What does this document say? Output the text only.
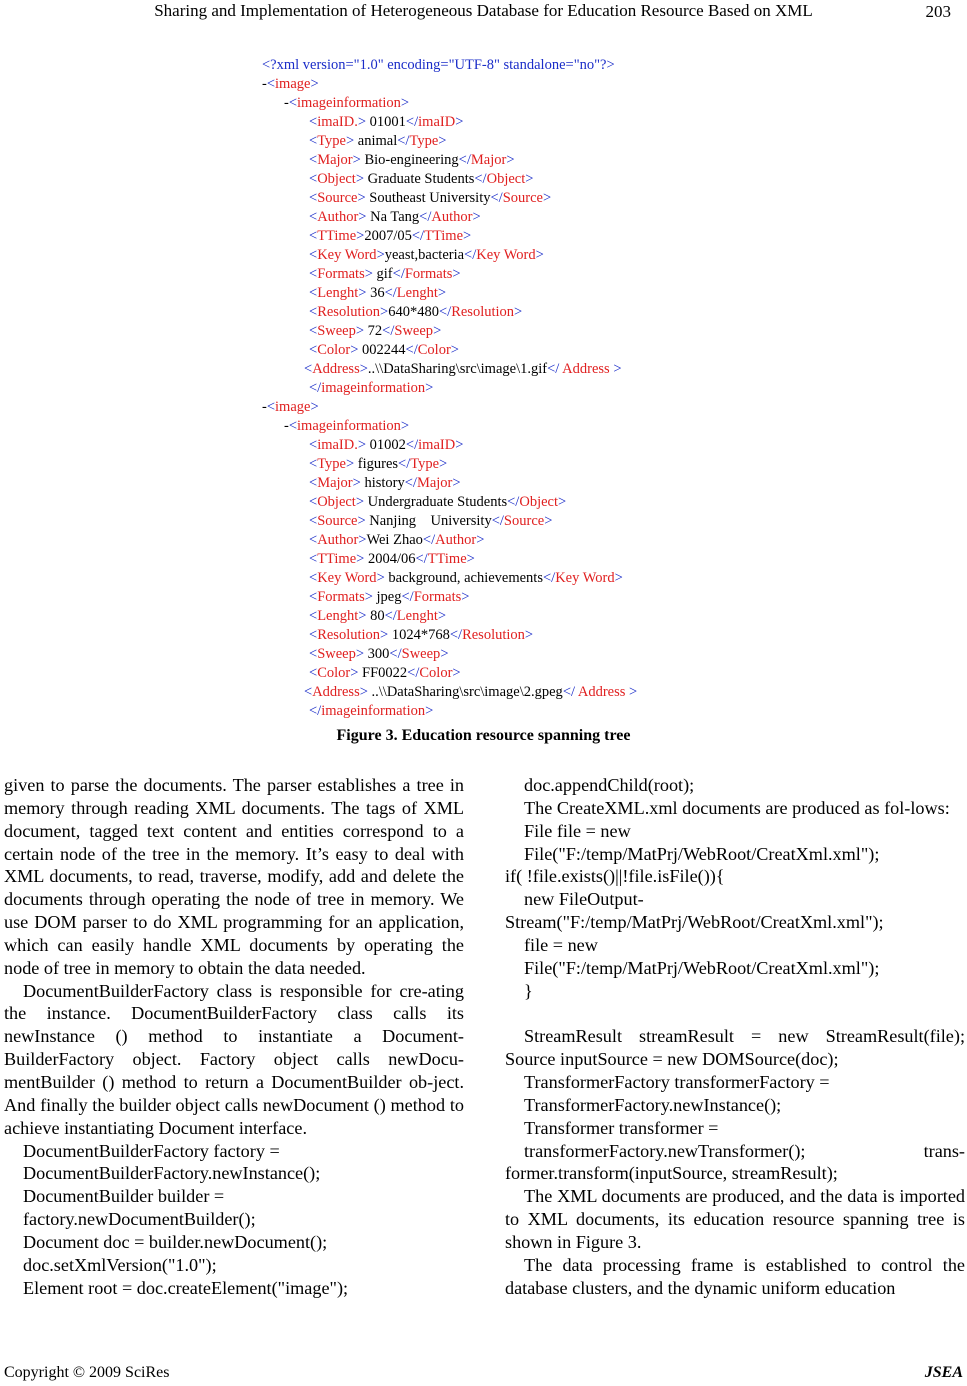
Sharing and Implementation of Heterogeneous Database for Education Resource Based on XML	203
<?xml version="1.0" encoding="UTF-8" standalone="no"?>
-<image>
-<imageinformation>
<imaID.> 01001</imaID>
<Type> animal</Type>
<Major> Bio-engineering</Major>
<Object> Graduate Students</Object>
<Source> Southeast University</Source>
<Author> Na Tang</Author>
<TTime>2007/05</TTime>
<Key Word>yeast,bacteria</Key Word>
<Formats> gif</Formats>
<Lenght> 36</Lenght>
<Resolution>640*480</Resolution>
<Sweep> 72</Sweep>
<Color> 002244</Color>
<Address>..\\DataSharing\src\image\1.gif</ Address >
</imageinformation>
-<image>
-<imageinformation>
<imaID.> 01002</imaID>
<Type> figures</Type>
<Major> history</Major>
<Object> Undergraduate Students</Object>
<Source> Nanjing    University</Source>
<Author>Wei Zhao</Author>
<TTime> 2004/06</TTime>
<Key Word> background, achievements</Key Word>
<Formats> jpeg</Formats>
<Lenght> 80</Lenght>
<Resolution> 1024*768</Resolution>
<Sweep> 300</Sweep>
<Color> FF0022</Color>
<Address> ..\\DataSharing\src\image\2.gpeg</ Address >
</imageinformation>
Figure 3. Education resource spanning tree

given to parse the documents. The parser establishes a tree in memory through reading XML documents. The tags of XML document, tagged text content and entities correspond to a certain node of the tree in the memory. It’s easy to deal with XML documents, to read, traverse, modify, add and delete the documents through operating the node of tree in memory. We use DOM parser to do XML programming for an application, which can easily handle XML documents by operating the node of tree in memory to obtain the data needed.

DocumentBuilderFactory class is responsible for cre-ating the instance. DocumentBuilderFactory class calls its newInstance () method to instantiate a Document-BuilderFactory object. Factory object calls newDocu-mentBuilder () method to return a DocumentBuilder ob-ject. And finally the builder object calls newDocument () method to achieve instantiating Document interface.

DocumentBuilderFactory factory =
DocumentBuilderFactory.newInstance();
DocumentBuilder builder =
factory.newDocumentBuilder();
Document doc = builder.newDocument();
doc.setXmlVersion("1.0");
Element root = doc.createElement("image");
doc.appendChild(root);

The CreateXML.xml documents are produced as fol-lows:

File file = new
File("F:/temp/MatPrj/WebRoot/CreatXml.xml");
if( !file.exists()||!file.isFile()){
new FileOutput-
Stream("F:/temp/MatPrj/WebRoot/CreatXml.xml");
file = new
File("F:/temp/MatPrj/WebRoot/CreatXml.xml");
}

StreamResult streamResult = new StreamResult(file); Source inputSource = new DOMSource(doc);

TransformerFactory transformerFactory =
TransformerFactory.newInstance();
Transformer transformer =
transformerFactory.newTransformer();	trans-
former.transform(inputSource, streamResult);

The XML documents are produced, and the data is imported to XML documents, its education resource spanning tree is shown in Figure 3.

The data processing frame is established to control the database clusters, and the dynamic uniform education

Copyright © 2009 SciRes	JSEA
